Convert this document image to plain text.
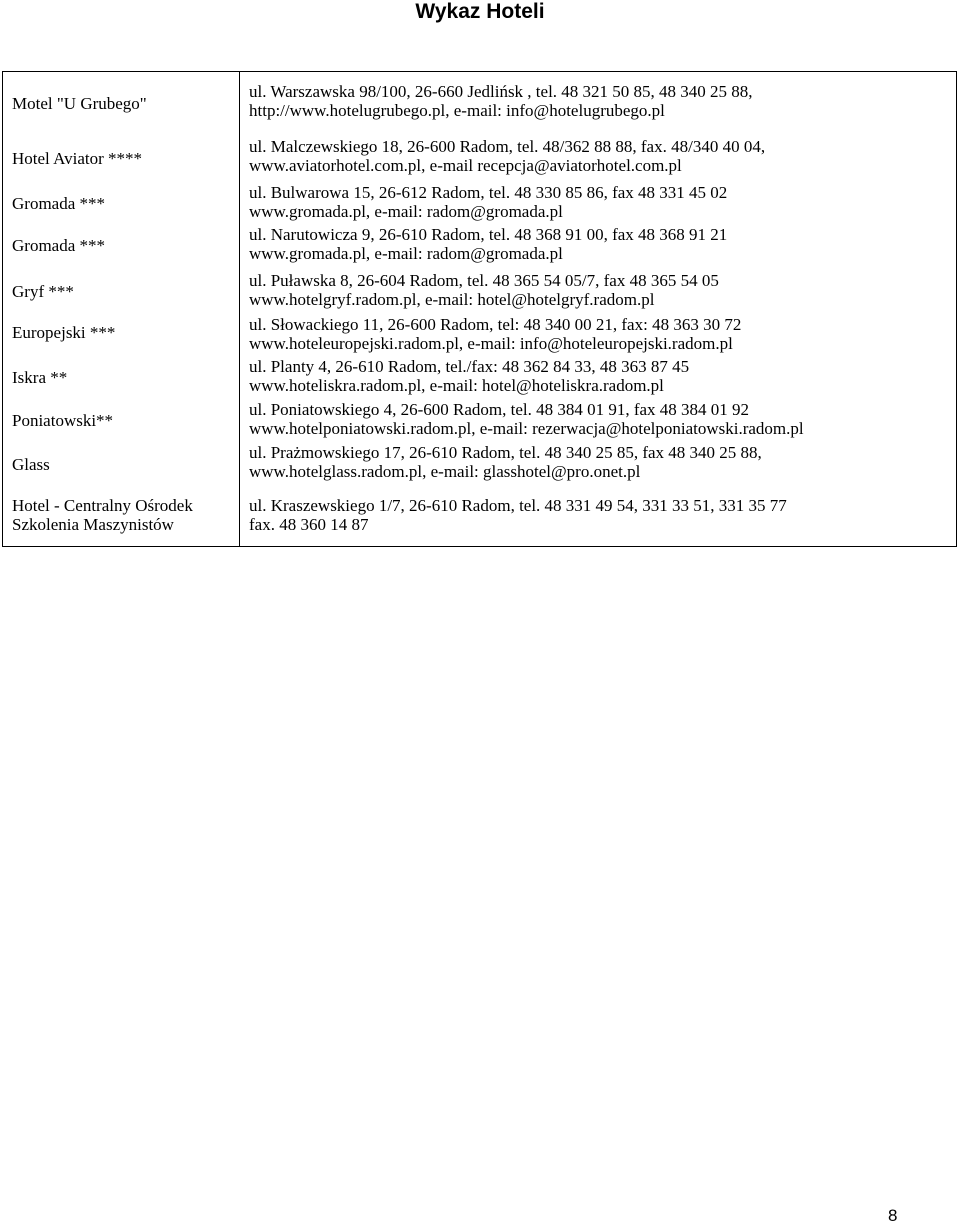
Wykaz Hoteli
Motel "U Grubego"
ul. Warszawska 98/100, 26-660 Jedlińsk , tel. 48 321 50 85, 48 340 25 88,
http://www.hotelugrubego.pl, e-mail: info@hotelugrubego.pl
Hotel Aviator ****
ul. Malczewskiego 18, 26-600 Radom, tel. 48/362 88 88, fax. 48/340 40 04,
www.aviatorhotel.com.pl, e-mail recepcja@aviatorhotel.com.pl
Gromada ***
ul. Bulwarowa 15, 26-612 Radom, tel. 48 330 85 86, fax 48 331 45 02
www.gromada.pl, e-mail: radom@gromada.pl
Gromada ***
ul. Narutowicza 9, 26-610 Radom, tel. 48 368 91 00, fax 48 368 91 21
www.gromada.pl, e-mail: radom@gromada.pl
Gryf ***
ul. Puławska 8, 26-604 Radom, tel. 48 365 54 05/7, fax 48 365 54 05
www.hotelgryf.radom.pl, e-mail: hotel@hotelgryf.radom.pl
Europejski ***	ul. Słowackiego 11, 26-600 Radom, tel: 48 340 00 21, fax: 48 363 30 72
www.hoteleuropejski.radom.pl, e-mail: info@hoteleuropejski.radom.pl
Iskra **
ul. Planty 4, 26-610 Radom, tel./fax: 48 362 84 33, 48 363 87 45
www.hoteliskra.radom.pl, e-mail: hotel@hoteliskra.radom.pl
Poniatowski**
ul. Poniatowskiego 4, 26-600 Radom, tel. 48 384 01 91, fax 48 384 01 92
www.hotelponiatowski.radom.pl, e-mail: rezerwacja@hotelponiatowski.radom.pl
Glass
ul. Prażmowskiego 17, 26-610 Radom, tel. 48 340 25 85, fax 48 340 25 88,
www.hotelglass.radom.pl, e-mail: glasshotel@pro.onet.pl
Hotel - Centralny Ośrodek
Szkolenia Maszynistów
ul. Kraszewskiego 1/7, 26-610 Radom, tel. 48 331 49 54, 331 33 51, 331 35 77
fax. 48 360 14 87
8
